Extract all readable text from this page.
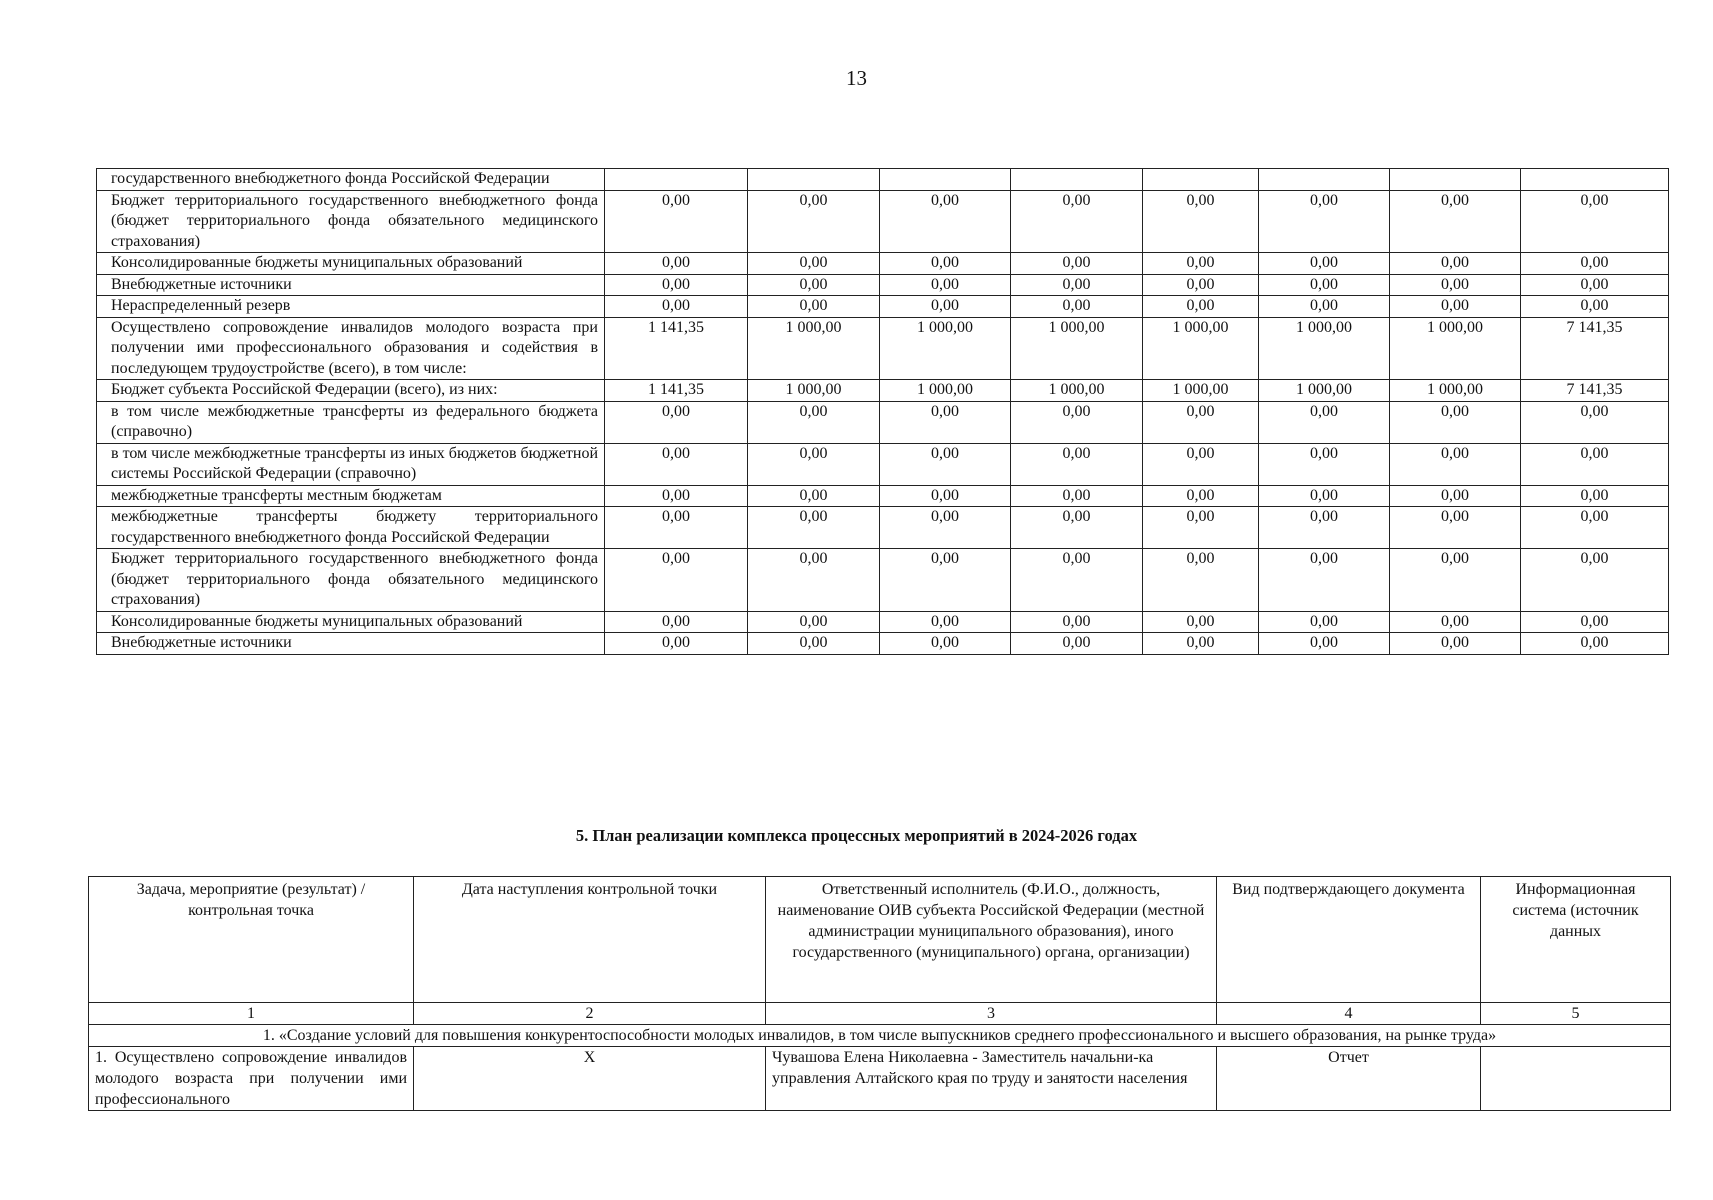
13
государственного внебюджетного фонда Российской Федерации								
Бюджет территориального государственного внебюджетного фонда (бюджет территориального фонда обязательного медицинского страхования)	0,00	0,00	0,00	0,00	0,00	0,00	0,00	0,00
Консолидированные бюджеты муниципальных образований	0,00	0,00	0,00	0,00	0,00	0,00	0,00	0,00
Внебюджетные источники	0,00	0,00	0,00	0,00	0,00	0,00	0,00	0,00
Нераспределенный резерв	0,00	0,00	0,00	0,00	0,00	0,00	0,00	0,00
Осуществлено сопровождение инвалидов молодого возраста при получении ими профессионального образования и содействия в последующем трудоустройстве (всего), в том числе:	1 141,35	1 000,00	1 000,00	1 000,00	1 000,00	1 000,00	1 000,00	7 141,35
Бюджет субъекта Российской Федерации (всего), из них:	1 141,35	1 000,00	1 000,00	1 000,00	1 000,00	1 000,00	1 000,00	7 141,35
в том числе межбюджетные трансферты из федерального бюджета (справочно)	0,00	0,00	0,00	0,00	0,00	0,00	0,00	0,00
в том числе межбюджетные трансферты из иных бюджетов бюджетной системы Российской Федерации (справочно)	0,00	0,00	0,00	0,00	0,00	0,00	0,00	0,00
межбюджетные трансферты местным бюджетам	0,00	0,00	0,00	0,00	0,00	0,00	0,00	0,00
межбюджетные трансферты бюджету территориального государственного внебюджетного фонда Российской Федерации	0,00	0,00	0,00	0,00	0,00	0,00	0,00	0,00
Бюджет территориального государственного внебюджетного фонда (бюджет территориального фонда обязательного медицинского страхования)	0,00	0,00	0,00	0,00	0,00	0,00	0,00	0,00
Консолидированные бюджеты муниципальных образований	0,00	0,00	0,00	0,00	0,00	0,00	0,00	0,00
Внебюджетные источники	0,00	0,00	0,00	0,00	0,00	0,00	0,00	0,00
5. План реализации комплекса процессных мероприятий в 2024-2026 годах
Задача, мероприятие (результат) / контрольная точка	Дата наступления контрольной точки	Ответственный исполнитель (Ф.И.О., должность, наименование ОИВ субъекта Российской Федерации (местной администрации муниципального образования), иного государственного (муниципального) органа, организации)	Вид подтверждающего документа	Информационная система (источник данных
1	2	3	4	5
1. «Создание условий для повышения конкурентоспособности молодых инвалидов, в том числе выпускников среднего профессионального и высшего образования, на рынке труда»				
1. Осуществлено сопровождение инвалидов молодого возраста при получении ими профессионального	Х	Чувашова Елена Николаевна - Заместитель начальни-ка управления Алтайского края по труду и занятости населения	Отчет	
